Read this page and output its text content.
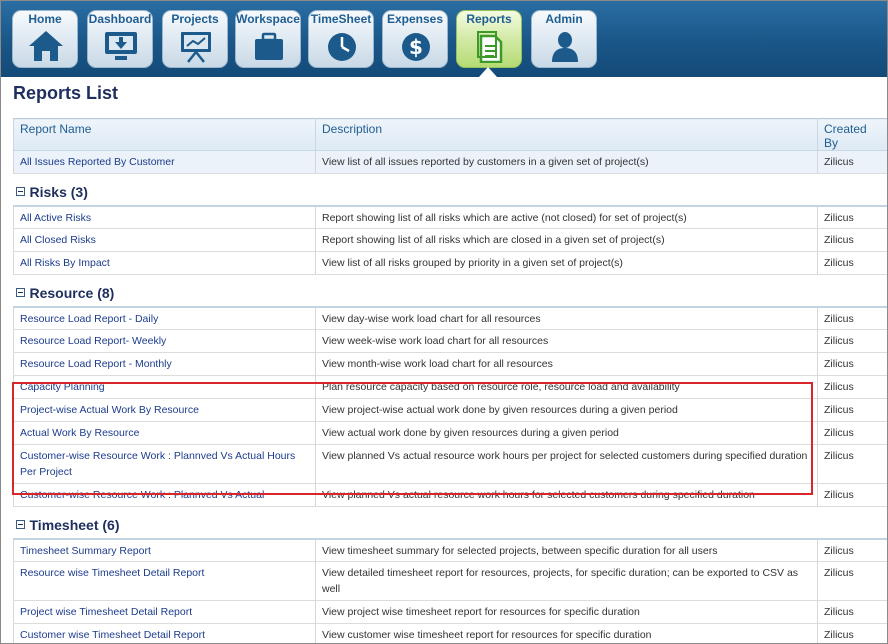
Home	Dashboard	Projects	Workspace TimeSheet	Expenses
$
Reports	Admin
Reports List
Report Name	Description	Created By
All Issues Reported By Customer	View list of all issues reported by customers in a given set of project(s)	Zilicus
Risks (3)		
All Active Risks	Report showing list of all risks which are active (not closed) for set of project(s)	Zilicus
All Closed Risks	Report showing list of all risks which are closed in a given set of project(s)	Zilicus
All Risks By Impact	View list of all risks grouped by priority in a given set of project(s)	Zilicus
Resource (8)		
Resource Load Report - Daily	View day-wise work load chart for all resources	Zilicus
Resource Load Report- Weekly	View week-wise work load chart for all resources	Zilicus
Resource Load Report - Monthly	View month-wise work load chart for all resources	Zilicus
Capacity Planning	Plan resource capacity based on resource role, resource load and availability	Zilicus
Project-wise Actual Work By Resource	View project-wise actual work done by given resources during a given period	Zilicus
Actual Work By Resource	View actual work done by given resources during a given period	Zilicus
Customer-wise Resource Work : Plannved Vs Actual Hours Per Project	View planned Vs actual resource work hours per project for selected customers during specified duration	Zilicus
Customer-wise Resource Work : Plannved Vs Actual	View planned Vs actual resource work hours for selected customers during specified duration	Zilicus
Timesheet (6)		
Timesheet Summary Report	View timesheet summary for selected projects, between specific duration for all users	Zilicus
Resource wise Timesheet Detail Report	View detailed timesheet report for resources, projects, for specific duration; can be exported to CSV as well	Zilicus
Project wise Timesheet Detail Report	View project wise timesheet report for resources for specific duration	Zilicus
Customer wise Timesheet Detail Report	View customer wise timesheet report for resources for specific duration	Zilicus
